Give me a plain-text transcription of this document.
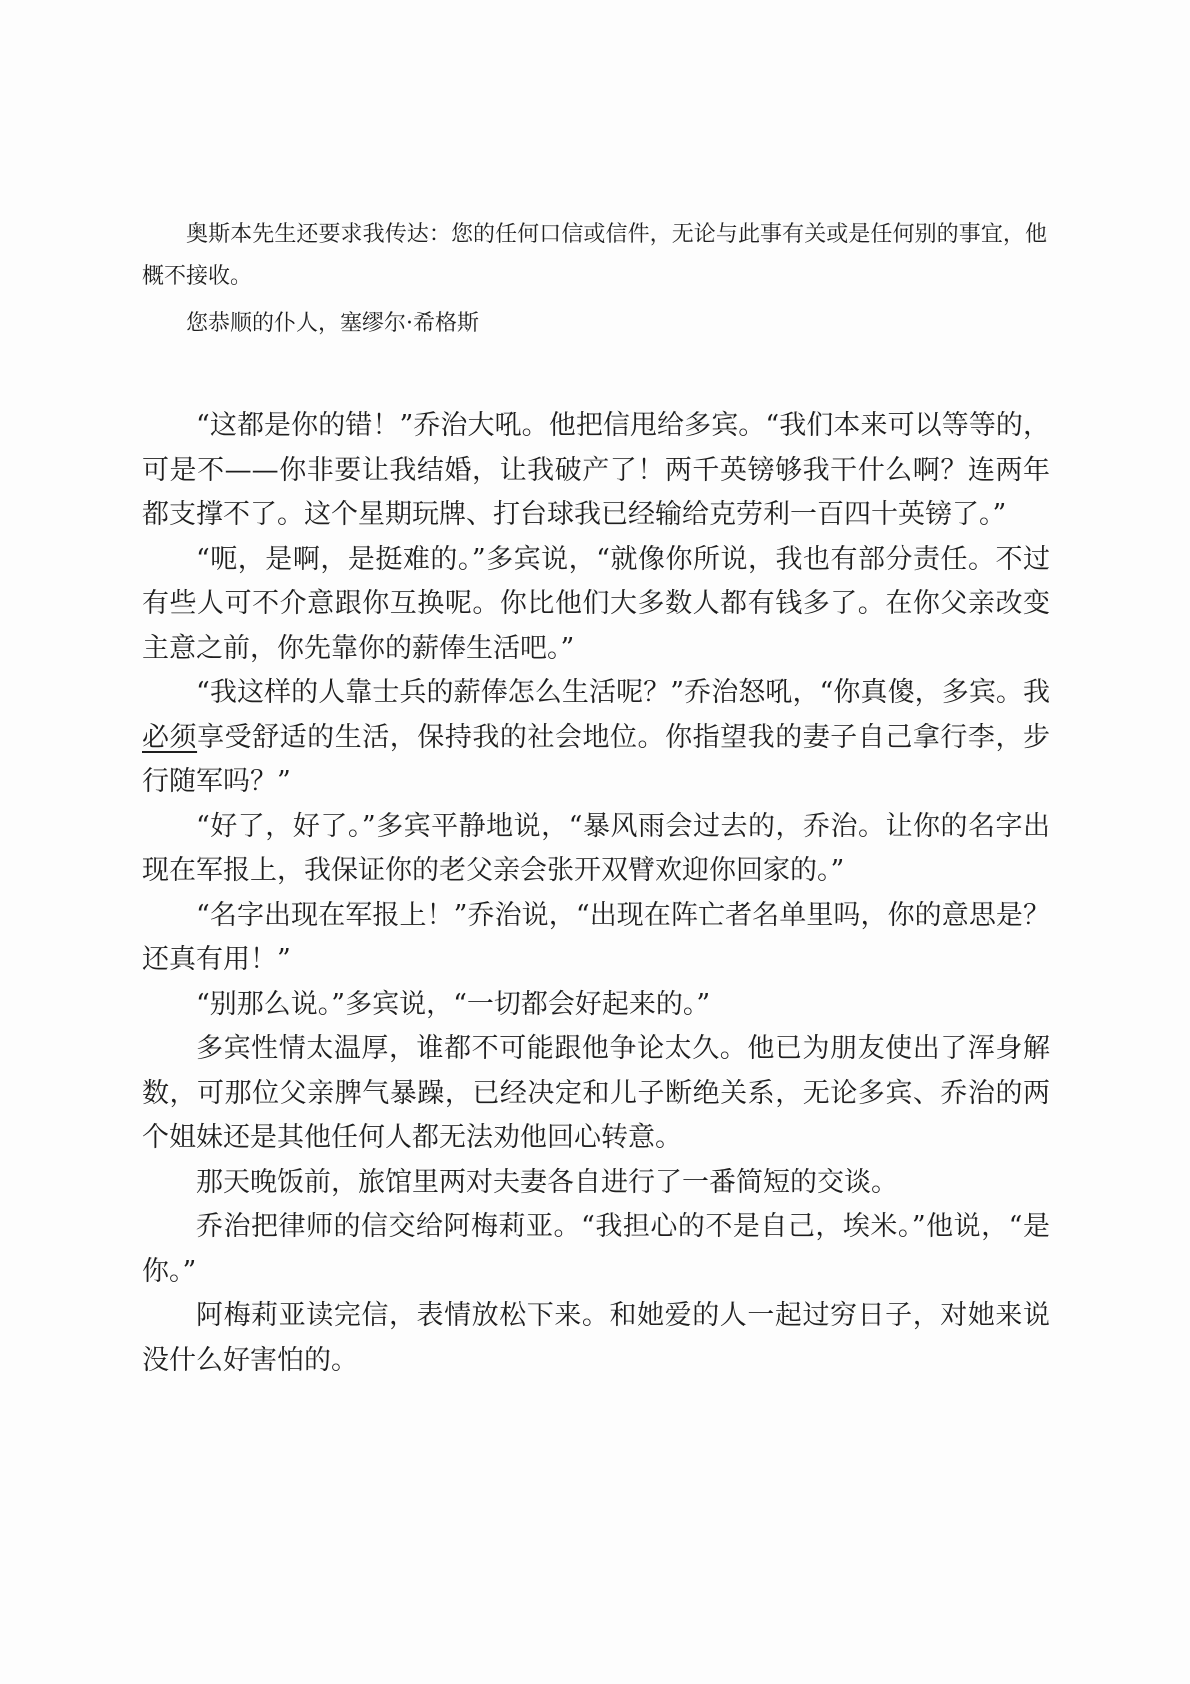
奥斯本先生还要求我传达：您的任何口信或信件，无论与此事有关或是任何别的事宜，他概不接收。

您恭顺的仆人，塞缪尔·希格斯

“这都是你的错！”乔治大吼。他把信甩给多宾。“我们本来可以等等的，可是不——你非要让我结婚，让我破产了！两千英镑够我干什么啊？连两年都支撑不了。这个星期玩牌、打台球我已经输给克劳利一百四十英镑了。”

“呃，是啊，是挺难的。”多宾说，“就像你所说，我也有部分责任。不过有些人可不介意跟你互换呢。你比他们大多数人都有钱多了。在你父亲改变主意之前，你先靠你的薪俸生活吧。”

“我这样的人靠士兵的薪俸怎么生活呢？”乔治怒吼，“你真傻，多宾。我必须享受舒适的生活，保持我的社会地位。你指望我的妻子自己拿行李，步行随军吗？”

“好了，好了。”多宾平静地说，“暴风雨会过去的，乔治。让你的名字出现在军报上，我保证你的老父亲会张开双臂欢迎你回家的。”

“名字出现在军报上！”乔治说，“出现在阵亡者名单里吗，你的意思是？还真有用！”

“别那么说。”多宾说，“一切都会好起来的。”

多宾性情太温厚，谁都不可能跟他争论太久。他已为朋友使出了浑身解数，可那位父亲脾气暴躁，已经决定和儿子断绝关系，无论多宾、乔治的两个姐妹还是其他任何人都无法劝他回心转意。

那天晚饭前，旅馆里两对夫妻各自进行了一番简短的交谈。

乔治把律师的信交给阿梅莉亚。“我担心的不是自己，埃米。”他说，“是你。”

阿梅莉亚读完信，表情放松下来。和她爱的人一起过穷日子，对她来说没什么好害怕的。
